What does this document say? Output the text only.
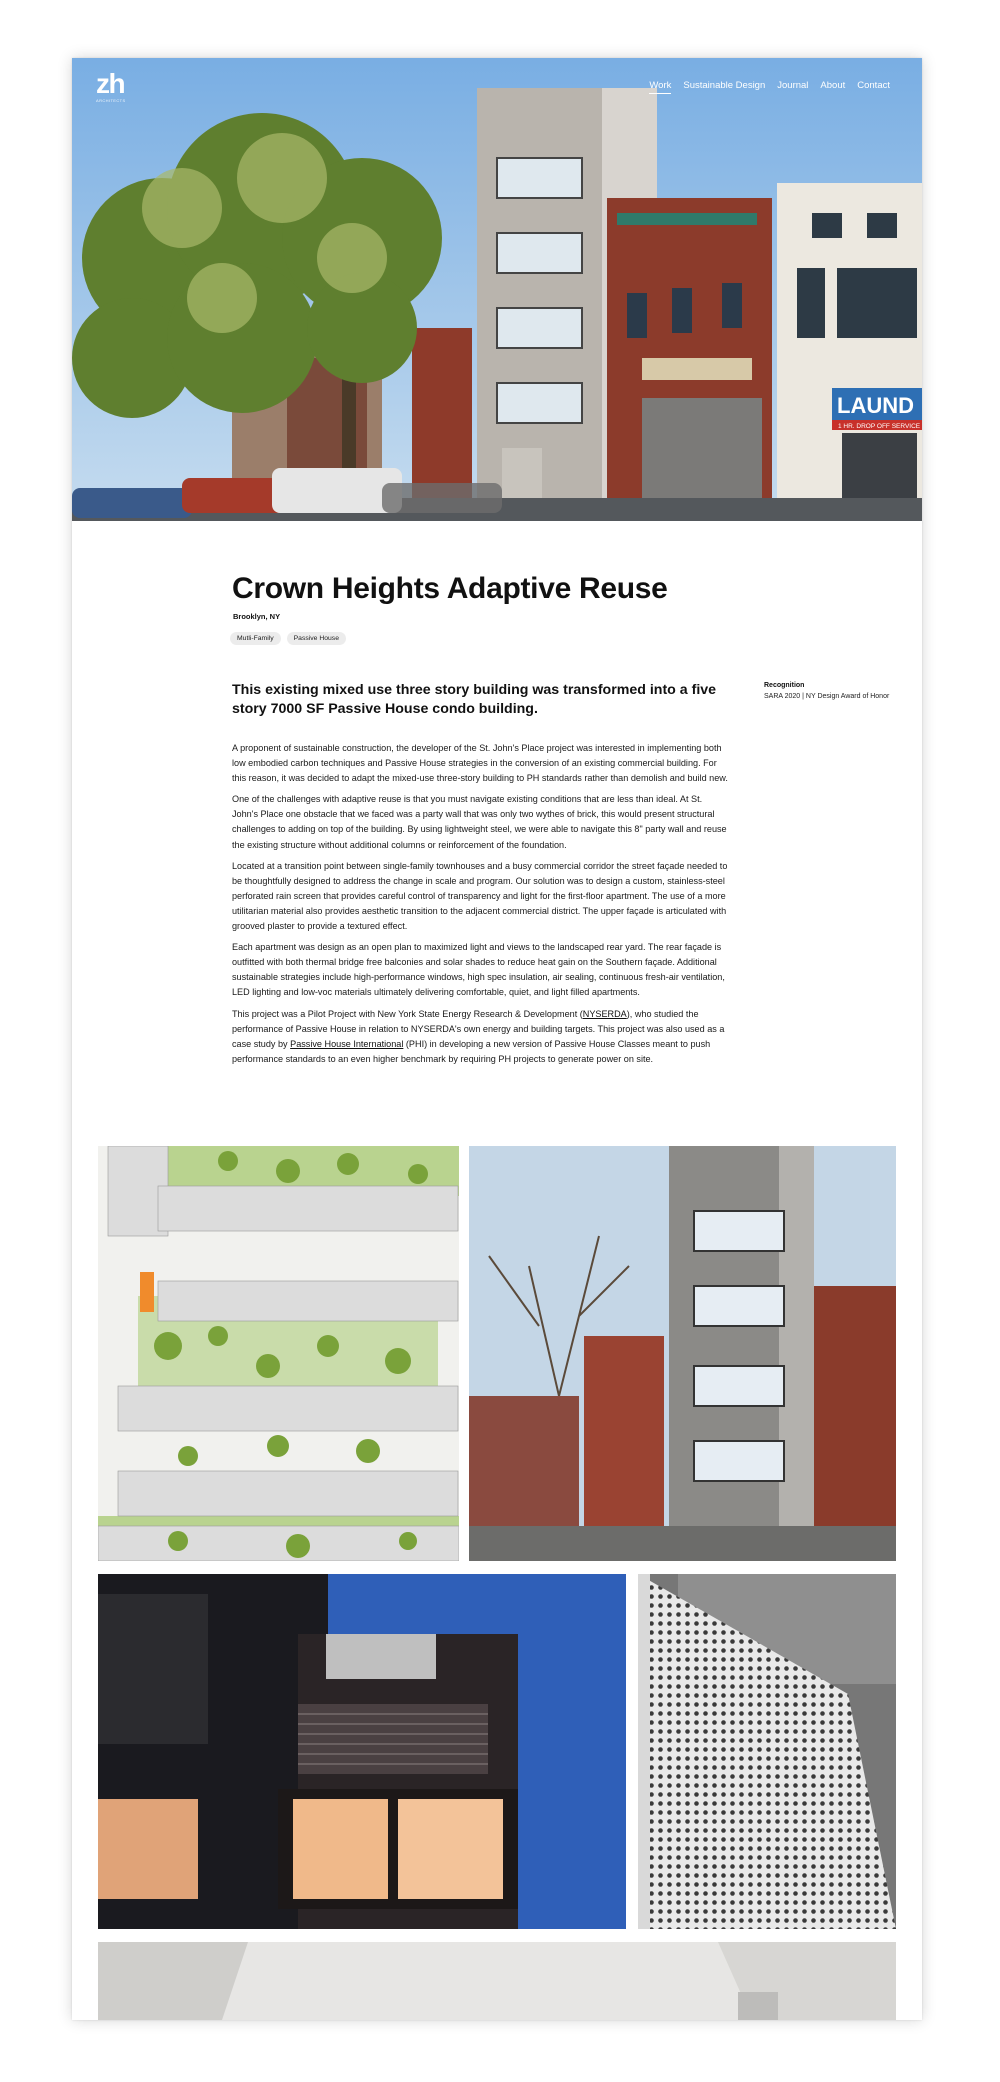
LAUND
1 HR. DROP OFF SERVICE
zh
ARCHITECTS
Work Sustainable Design Journal About Contact
Crown Heights Adaptive Reuse
Brooklyn, NY
Mutli-Family	Passive House
This existing mixed use three story building was transformed into a five story 7000 SF Passive House condo building.
Recognition
SARA 2020 | NY Design Award of Honor

A proponent of sustainable construction, the developer of the St. John's Place project was interested in implementing both low embodied carbon techniques and Passive House strategies in the conversion of an existing commercial building. For this reason, it was decided to adapt the mixed-use three-story building to PH standards rather than demolish and build new.

One of the challenges with adaptive reuse is that you must navigate existing conditions that are less than ideal. At St. John's Place one obstacle that we faced was a party wall that was only two wythes of brick, this would present structural challenges to adding on top of the building. By using lightweight steel, we were able to navigate this 8" party wall and reuse the existing structure without additional columns or reinforcement of the foundation.

Located at a transition point between single-family townhouses and a busy commercial corridor the street façade needed to be thoughtfully designed to address the change in scale and program. Our solution was to design a custom, stainless-steel perforated rain screen that provides careful control of transparency and light for the first-floor apartment. The use of a more utilitarian material also provides aesthetic transition to the adjacent commercial district. The upper façade is articulated with grooved plaster to provide a textured effect.

Each apartment was design as an open plan to maximized light and views to the landscaped rear yard. The rear façade is outfitted with both thermal bridge free balconies and solar shades to reduce heat gain on the Southern façade. Additional sustainable strategies include high-performance windows, high spec insulation, air sealing, continuous fresh-air ventilation, LED lighting and low-voc materials ultimately delivering comfortable, quiet, and light filled apartments.

This project was a Pilot Project with New York State Energy Research & Development (NYSERDA), who studied the performance of Passive House in relation to NYSERDA's own energy and building targets. This project was also used as a case study by Passive House International (PHI) in developing a new version of Passive House Classes meant to push performance standards to an even higher benchmark by requiring PH projects to generate power on site.
